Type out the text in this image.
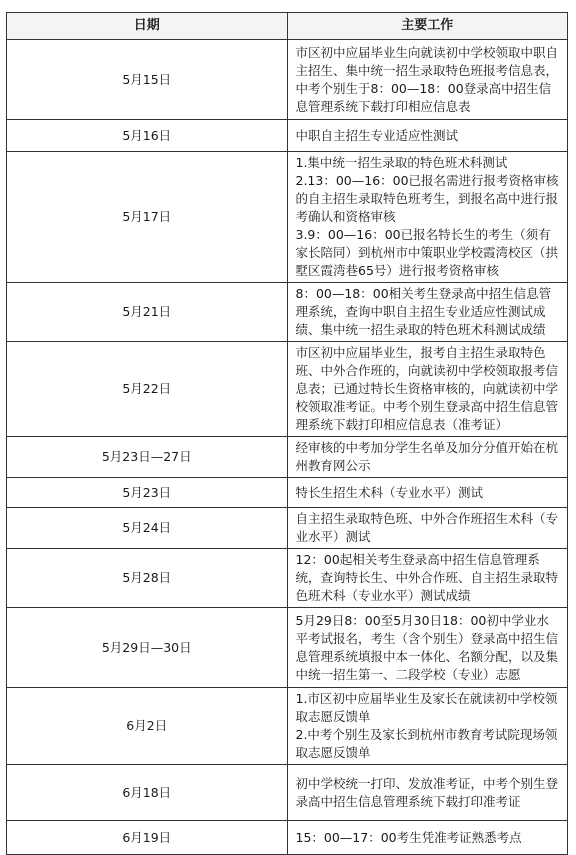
日期	主要工作
5月15日	市区初中应届毕业生向就读初中学校领取中职自主招生、集中统一招生录取特色班报考信息表，中考个别生于8：00—18：00登录高中招生信息管理系统下载打印相应信息表

5月16日	中职自主招生专业适应性测试

5月17日	1.集中统一招生录取的特色班术科测试
2.13：00—16：00已报名需进行报考资格审核的自主招生录取特色班考生，到报名高中进行报考确认和资格审核
3.9：00—16：00已报名特长生的考生（须有家长陪同）到杭州市中策职业学校霞湾校区（拱墅区霞湾巷65号）进行报考资格审核

5月21日	8：00—18：00相关考生登录高中招生信息管理系统，查询中职自主招生专业适应性测试成绩、集中统一招生录取的特色班术科测试成绩

5月22日	市区初中应届毕业生，报考自主招生录取特色班、中外合作班的，向就读初中学校领取报考信息表；已通过特长生资格审核的，向就读初中学校领取准考证。中考个别生登录高中招生信息管理系统下载打印相应信息表（准考证）

5月23日—27日	经审核的中考加分学生名单及加分分值开始在杭州教育网公示

5月23日	特长生招生术科（专业水平）测试

5月24日	自主招生录取特色班、中外合作班招生术科（专业水平）测试

5月28日	12：00起相关考生登录高中招生信息管理系统，查询特长生、中外合作班、自主招生录取特色班术科（专业水平）测试成绩

5月29日—30日	5月29日8：00至5月30日18：00初中学业水平考试报名，考生（含个别生）登录高中招生信息管理系统填报中本一体化、名额分配，以及集中统一招生第一、二段学校（专业）志愿

6月2日	1.市区初中应届毕业生及家长在就读初中学校领取志愿反馈单
2.中考个别生及家长到杭州市教育考试院现场领取志愿反馈单

6月18日	初中学校统一打印、发放准考证，中考个别生登录高中招生信息管理系统下载打印准考证

6月19日	15：00—17：00考生凭准考证熟悉考点
